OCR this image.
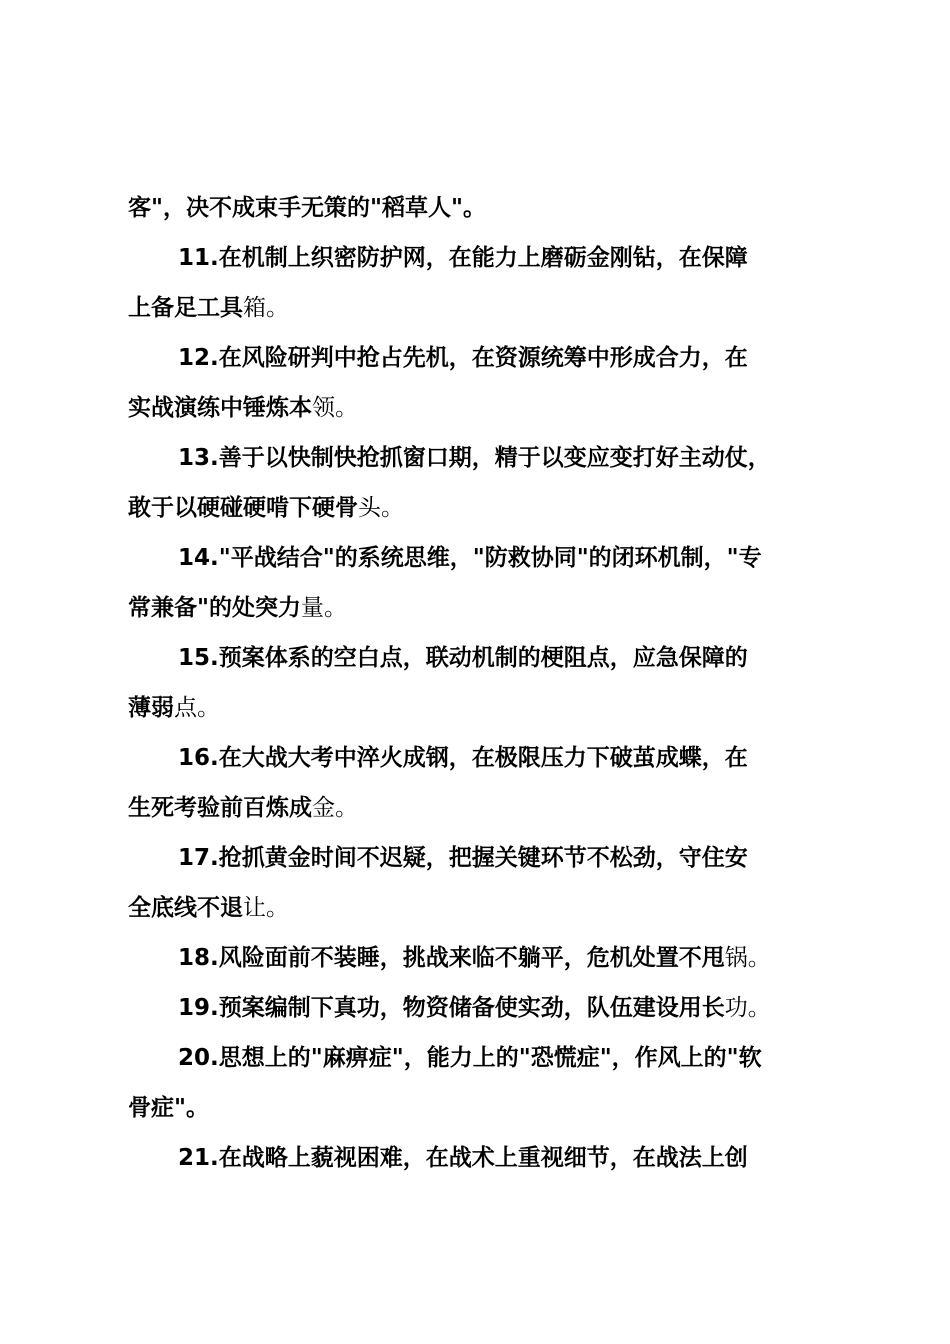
客"，决不成束手无策的"稻草人"。
11.在机制上织密防护网，在能力上磨砺金刚钻，在保障
上备足工具箱。
12.在风险研判中抢占先机，在资源统筹中形成合力，在
实战演练中锤炼本领。
13.善于以快制快抢抓窗口期，精于以变应变打好主动仗，
敢于以硬碰硬啃下硬骨头。
14."平战结合"的系统思维，"防救协同"的闭环机制，"专
常兼备"的处突力量。
15.预案体系的空白点，联动机制的梗阻点，应急保障的
薄弱点。
16.在大战大考中淬火成钢，在极限压力下破茧成蝶，在
生死考验前百炼成金。
17.抢抓黄金时间不迟疑，把握关键环节不松劲，守住安
全底线不退让。
18.风险面前不装睡，挑战来临不躺平，危机处置不甩锅。
19.预案编制下真功，物资储备使实劲，队伍建设用长功。
20.思想上的"麻痹症"，能力上的"恐慌症"，作风上的"软
骨症"。
21.在战略上藐视困难，在战术上重视细节，在战法上创
